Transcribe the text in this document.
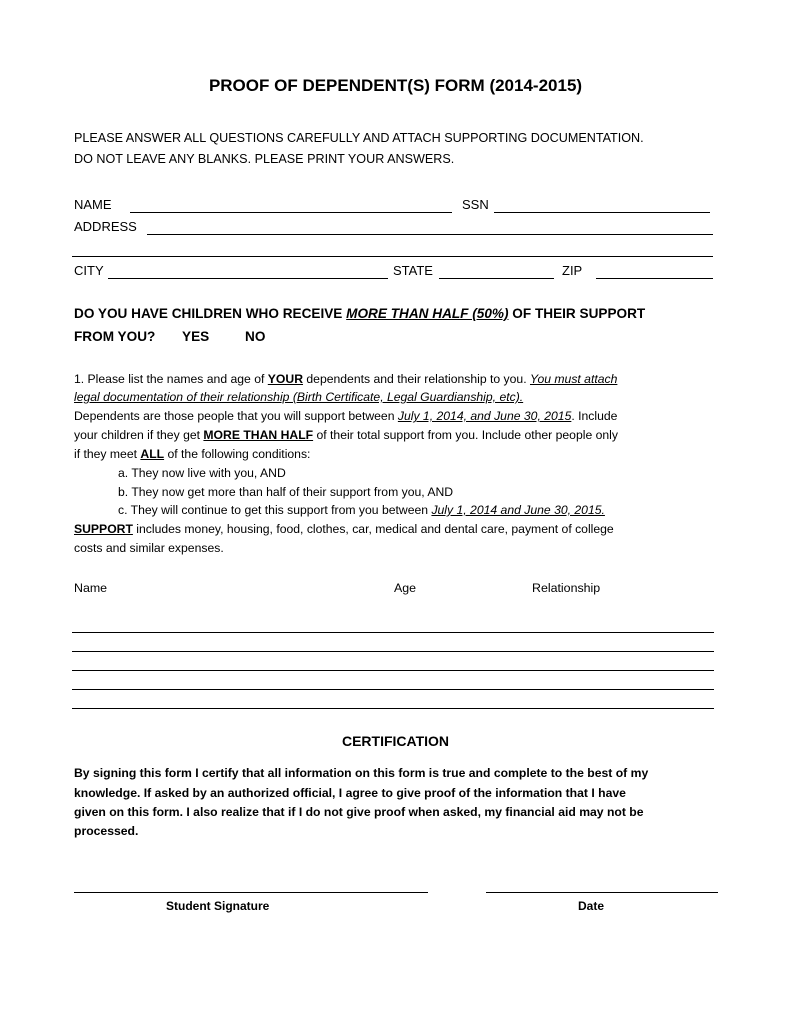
PROOF OF DEPENDENT(S) FORM (2014-2015)
PLEASE ANSWER ALL QUESTIONS CAREFULLY AND ATTACH SUPPORTING DOCUMENTATION.
DO NOT LEAVE ANY BLANKS. PLEASE PRINT YOUR ANSWERS.
NAME	SSN
ADDRESS
CITY	STATE	ZIP
DO YOU HAVE CHILDREN WHO RECEIVE MORE THAN HALF (50%) OF THEIR SUPPORT
FROM YOU? YES	NO
1. Please list the names and age of YOUR dependents and their relationship to you. You must attach
legal documentation of their relationship (Birth Certificate, Legal Guardianship, etc).
Dependents are those people that you will support between July 1, 2014, and June 30, 2015. Include
your children if they get MORE THAN HALF of their total support from you. Include other people only
if they meet ALL of the following conditions:
a. They now live with you, AND
b. They now get more than half of their support from you, AND
c. They will continue to get this support from you between July 1, 2014 and June 30, 2015.
SUPPORT includes money, housing, food, clothes, car, medical and dental care, payment of college
costs and similar expenses.
Name	Age	Relationship
CERTIFICATION
By signing this form I certify that all information on this form is true and complete to the best of my
knowledge. If asked by an authorized official, I agree to give proof of the information that I have
given on this form. I also realize that if I do not give proof when asked, my financial aid may not be
processed.
Student Signature	Date
